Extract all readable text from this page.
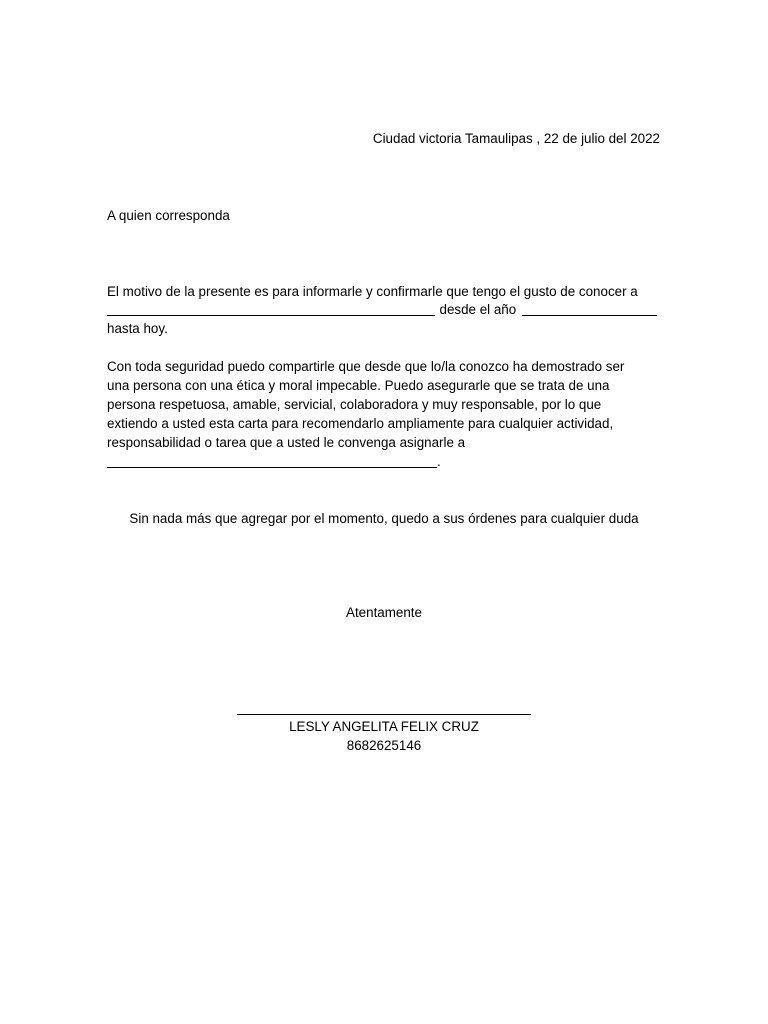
Ciudad victoria Tamaulipas , 22 de julio del 2022
A quien corresponda
El motivo de la presente es para informarle y confirmarle que tengo el gusto de conocer a
desde el año
hasta hoy.
Con toda seguridad puedo compartirle que desde que lo/la conozco ha demostrado ser
una persona con una ética y moral impecable. Puedo asegurarle que se trata de una
persona respetuosa, amable, servicial, colaboradora y muy responsable, por lo que
extiendo a usted esta carta para recomendarlo ampliamente para cualquier actividad,
responsabilidad o tarea que a usted le convenga asignarle a
.
Sin nada más que agregar por el momento, quedo a sus órdenes para cualquier duda
Atentamente
LESLY ANGELITA FELIX CRUZ
8682625146
